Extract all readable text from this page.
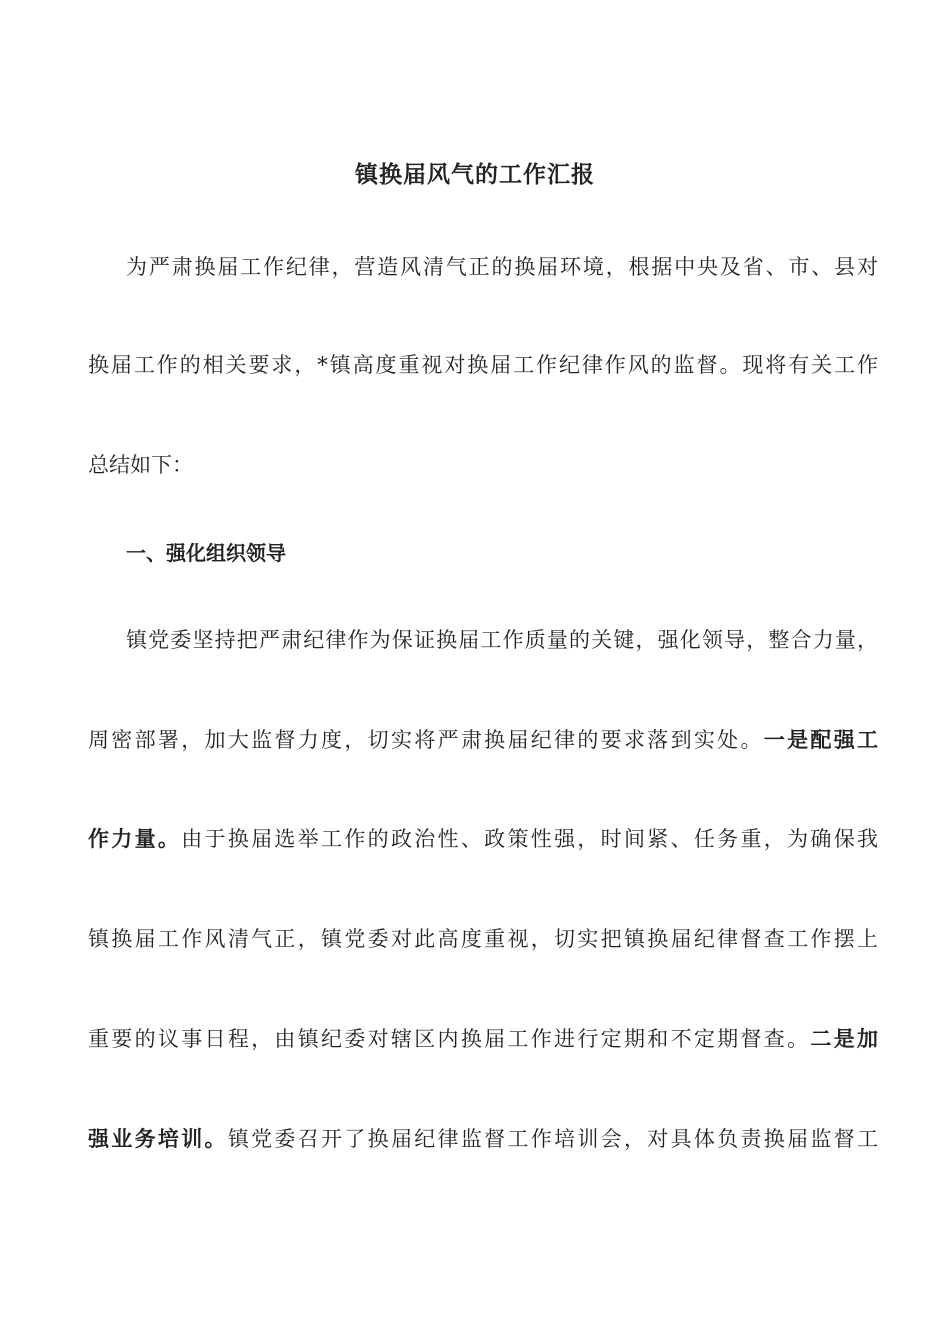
镇换届风气的工作汇报
为严肃换届工作纪律，营造风清气正的换届环境，根据中央及省、市、县对
换届工作的相关要求，*镇高度重视对换届工作纪律作风的监督。现将有关工作
总结如下：
一、强化组织领导
镇党委坚持把严肃纪律作为保证换届工作质量的关键，强化领导，整合力量，
周密部署，加大监督力度，切实将严肃换届纪律的要求落到实处。一是配强工
作力量。由于换届选举工作的政治性、政策性强，时间紧、任务重，为确保我
镇换届工作风清气正，镇党委对此高度重视，切实把镇换届纪律督查工作摆上
重要的议事日程，由镇纪委对辖区内换届工作进行定期和不定期督查。二是加
强业务培训。镇党委召开了换届纪律监督工作培训会，对具体负责换届监督工
